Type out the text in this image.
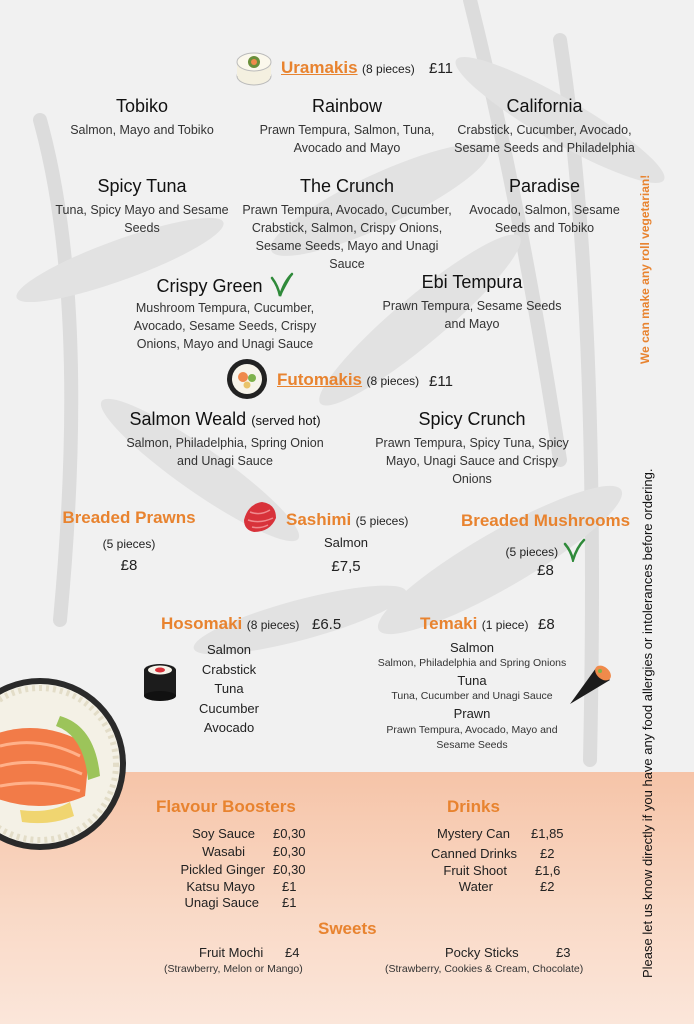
Uramakis (8 pieces) £11
Tobiko
Salmon, Mayo and Tobiko
Rainbow
Prawn Tempura, Salmon, Tuna, Avocado and Mayo
California
Crabstick, Cucumber, Avocado, Sesame Seeds and Philadelphia
Spicy Tuna
Tuna, Spicy Mayo and Sesame Seeds
The Crunch
Prawn Tempura, Avocado, Cucumber, Crabstick, Salmon, Crispy Onions, Sesame Seeds, Mayo and Unagi Sauce
Paradise
Avocado, Salmon, Sesame Seeds and Tobiko
Crispy Green
Mushroom Tempura, Cucumber, Avocado, Sesame Seeds, Crispy Onions, Mayo and Unagi Sauce
Ebi Tempura
Prawn Tempura, Sesame Seeds and Mayo
Futomakis (8 pieces) £11
Salmon Weald (served hot)
Salmon, Philadelphia, Spring Onion and Unagi Sauce
Spicy Crunch
Prawn Tempura, Spicy Tuna, Spicy Mayo, Unagi Sauce and Crispy Onions
Breaded Prawns
(5 pieces)
£8
Sashimi (5 pieces)
Salmon
£7,5
Breaded Mushrooms
(5 pieces)
£8
Hosomaki (8 pieces) £6.5
Salmon
Crabstick
Tuna
Cucumber
Avocado
Temaki (1 piece) £8
Salmon
Salmon, Philadelphia and Spring Onions
Tuna
Tuna, Cucumber and Unagi Sauce
Prawn
Prawn Tempura, Avocado, Mayo and Sesame Seeds
Flavour Boosters
Soy Sauce £0,30
Wasabi £0,30
Pickled Ginger £0,30
Katsu Mayo £1
Unagi Sauce £1
Drinks
Mystery Can £1,85
Canned Drinks £2
Fruit Shoot £1,6
Water	£2
Sweets
Fruit Mochi £4
(Strawberry, Melon or Mango)
Pocky Sticks	£3
(Strawberry, Cookies & Cream, Chocolate)
We can make any roll vegetarian!
Please let us know directly if you have any food allergies or intolerances before ordering.
